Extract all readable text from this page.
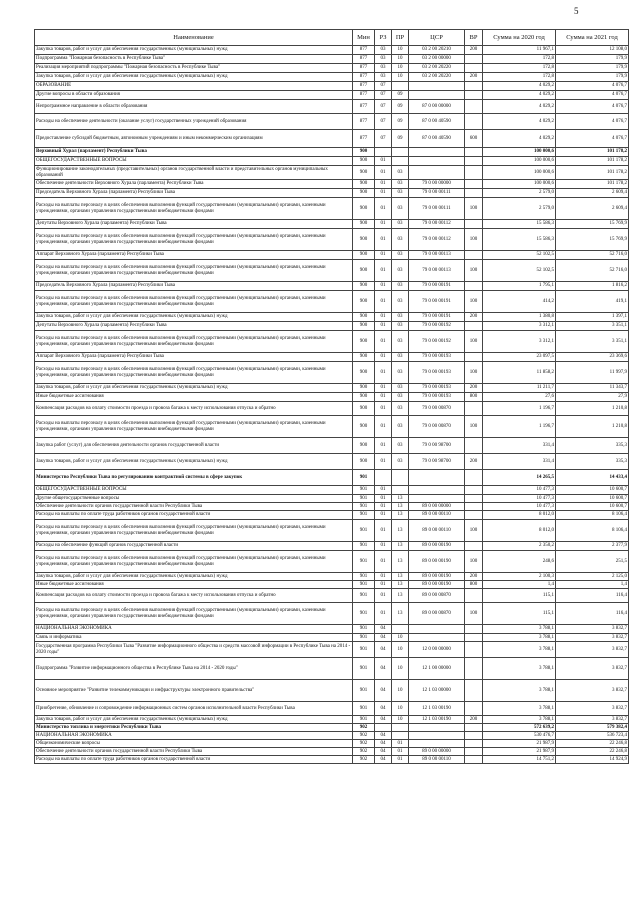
5
Наименование	Мин	РЗ	ПР	ЦСР	ВР	Сумма на 2020 год	Сумма на 2021 год
Закупка товаров, работ и услуг для обеспечения государственных (муниципальных) нужд	877	03	10	03 2 00 20210	200	11 967,1	12 108,0
Подпрограмма "Пожарная безопасность в Республике Тыва"	877	03	10	03 2 00 00000		172,8	179,9
Реализация мероприятий подпрограммы "Пожарная безопасность в Республике Тыва"	877	03	10	03 2 00 20220		172,8	179,9
Закупка товаров, работ и услуг для обеспечения государственных (муниципальных) нужд	877	03	10	03 2 00 20220	200	172,8	179,9
ОБРАЗОВАНИЕ	877	07				4 029,2	4 076,7
Другие вопросы в области образования	877	07	09			4 029,2	4 076,7
Непрограммное направление в области образования	877	07	09	87 0 00 00000		4 029,2	4 076,7
Расходы на обеспечение деятельности (оказание услуг) государственных учреждений образования	877	07	09	87 0 00 40590		4 029,2	4 076,7
Предоставление субсидий бюджетным, автономным учреждениям и иным некоммерческим организациям	877	07	09	87 0 00 40590	600	4 029,2	4 076,7
Верховный Хурал (парламент) Республики Тыва	900					100 000,6	101 178,2
ОБЩЕГОСУДАРСТВЕННЫЕ ВОПРОСЫ	900	01				100 000,6	101 178,2
Функционирование законодательных (представительных) органов государственной власти и представительных органов муниципальных образований	900	01	03			100 000,6	101 178,2
Обеспечение деятельности Верховного Хурала (парламента) Республики Тыва	900	01	03	79 0 00 00000		100 000,6	101 178,2
Председатель Верховного Хурала (парламента) Республики Тыва	900	01	03	79 0 00 00111		2 579,0	2 609,4
Расходы на выплаты персоналу в целях обеспечения выполнения функций государственными (муниципальными) органами, казенными учреждениями, органами управления государственными внебюджетными фондами	900	01	03	79 0 00 00111	100	2 579,0	2 609,4
Депутаты Верховного Хурала (парламента) Республики Тыва	900	01	03	79 0 00 00112		15 586,3	15 769,9
Расходы на выплаты персоналу в целях обеспечения выполнения функций государственными (муниципальными) органами, казенными учреждениями, органами управления государственными внебюджетными фондами	900	01	03	79 0 00 00112	100	15 586,3	15 769,9
Аппарат Верховного Хурала (парламента) Республики Тыва	900	01	03	79 0 00 00113		52 102,5	52 716,0
Расходы на выплаты персоналу в целях обеспечения выполнения функций государственными (муниципальными) органами, казенными учреждениями, органами управления государственными внебюджетными фондами	900	01	03	79 0 00 00113	100	52 102,5	52 716,0
Председатель Верховного Хурала (парламента) Республики Тыва	900	01	03	79 0 00 00191		1 795,1	1 816,2
Расходы на выплаты персоналу в целях обеспечения выполнения функций государственными (муниципальными) органами, казенными учреждениями, органами управления государственными внебюджетными фондами	900	01	03	79 0 00 00191	100	414,2	419,1
Закупка товаров, работ и услуг для обеспечения государственных (муниципальных) нужд	900	01	03	79 0 00 00191	200	1 380,8	1 397,1
Депутаты Верховного Хурала (парламента) Республики Тыва	900	01	03	79 0 00 00192		3 312,1	3 351,1
Расходы на выплаты персоналу в целях обеспечения выполнения функций государственными (муниципальными) органами, казенными учреждениями, органами управления государственными внебюджетными фондами	900	01	03	79 0 00 00192	100	3 312,1	3 351,1
Аппарат Верховного Хурала (парламента) Республики Тыва	900	01	03	79 0 00 00193		23 097,5	23 369,6
Расходы на выплаты персоналу в целях обеспечения выполнения функций государственными (муниципальными) органами, казенными учреждениями, органами управления государственными внебюджетными фондами	900	01	03	79 0 00 00193	100	11 858,2	11 997,9
Закупка товаров, работ и услуг для обеспечения государственных (муниципальных) нужд	900	01	03	79 0 00 00193	200	11 211,7	11 343,7
Иные бюджетные ассигнования	900	01	03	79 0 00 00193	800	27,6	27,9
Компенсация расходов на оплату стоимости проезда и провоза багажа к месту использования отпуска и обратно	900	01	03	79 0 00 00870		1 196,7	1 210,8
Расходы на выплаты персоналу в целях обеспечения выполнения функций государственными (муниципальными) органами, казенными учреждениями, органами управления государственными внебюджетными фондами	900	01	03	79 0 00 00870	100	1 196,7	1 210,8
Закупка работ (услуг) для обеспечения деятельности органов государственной власти	900	01	03	79 0 00 98700		331,4	335,3
Закупка товаров, работ и услуг для обеспечения государственных (муниципальных) нужд	900	01	03	79 0 00 98700	200	331,4	335,3
Министерство Республики Тыва по регулированию контрактной системы в сфере закупок	901					14 265,5	14 433,4
ОБЩЕГОСУДАРСТВЕННЫЕ ВОПРОСЫ	901	01				10 477,3	10 600,7
Другие общегосударственные вопросы	901	01	13			10 477,3	10 600,7
Обеспечение деятельности органов государственной власти Республики Тыва	901	01	13	89 0 00 00000		10 477,3	10 600,7
Расходы на выплаты по оплате труда работников органов государственной власти	901	01	13	89 0 00 00110		8 012,0	8 106,4
Расходы на выплаты персоналу в целях обеспечения выполнения функций государственными (муниципальными) органами, казенными учреждениями, органами управления государственными внебюджетными фондами	901	01	13	89 0 00 00110	100	8 012,0	8 106,4
Расходы на обеспечение функций органов государственной власти	901	01	13	89 0 00 00190		2 350,2	2 377,9
Расходы на выплаты персоналу в целях обеспечения выполнения функций государственными (муниципальными) органами, казенными учреждениями, органами управления государственными внебюджетными фондами	901	01	13	89 0 00 00190	100	248,6	251,5
Закупка товаров, работ и услуг для обеспечения государственных (муниципальных) нужд	901	01	13	89 0 00 00190	200	2 100,3	2 125,0
Иные бюджетные ассигнования	901	01	13	89 0 00 00190	800	1,4	1,4
Компенсация расходов на оплату стоимости проезда и провоза багажа к месту использования отпуска и обратно	901	01	13	89 0 00 00870		115,1	116,4
Расходы на выплаты персоналу в целях обеспечения выполнения функций государственными (муниципальными) органами, казенными учреждениями, органами управления государственными внебюджетными фондами	901	01	13	89 0 00 00870	100	115,1	116,4
НАЦИОНАЛЬНАЯ ЭКОНОМИКА	901	04				3 788,1	3 832,7
Связь и информатика	901	04	10			3 788,1	3 832,7
Государственная программа Республики Тыва "Развитие информационного общества и средств массовой информации в Республике Тыва на 2014 - 2020 годы"	901	04	10	12 0 00 00000		3 788,1	3 832,7
Подпрограмма "Развитие информационного общества в Республике Тыва на 2014 - 2020 годы"	901	04	10	12 1 00 00000		3 788,1	3 832,7
Основное мероприятие "Развитие телекоммуникации и инфраструктуры электронного правительства"	901	04	10	12 1 03 00000		3 788,1	3 832,7
Приобретение, обновление и сопровождение информационных систем органов исполнительной власти Республики Тыва	901	04	10	12 1 03 00190		3 788,1	3 832,7
Закупка товаров, работ и услуг для обеспечения государственных (муниципальных) нужд	901	04	10	12 1 03 00190	200	3 788,1	3 832,7
Министерство топлива и энергетики Республики Тыва	902					572 639,2	579 382,4
НАЦИОНАЛЬНАЯ ЭКОНОМИКА	902	04				530 476,7	536 723,4
Общеэкономические вопросы	902	04	01			21 987,9	22 246,8
Обеспечение деятельности органов государственной власти Республики Тыва	902	04	01	89 0 00 00000		21 987,9	22 246,8
Расходы на выплаты по оплате труда работников органов государственной власти	902	04	01	89 0 00 00110		14 751,2	14 924,9
